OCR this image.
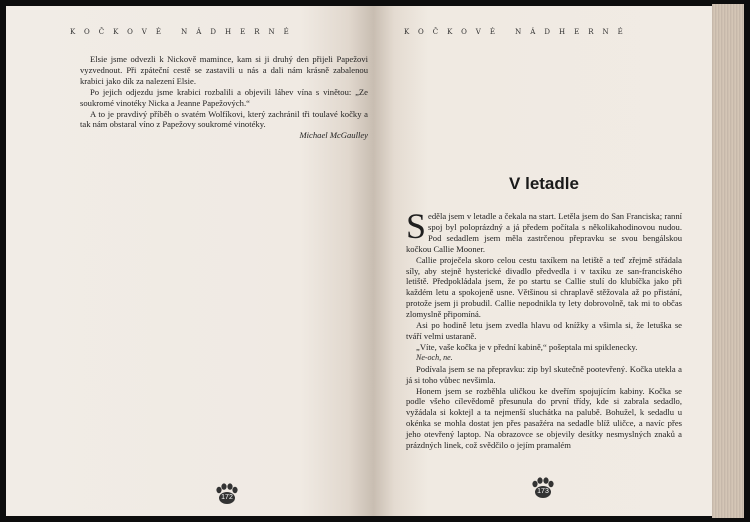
KOČKOVÉ NÁDHERNÉ

Elsie jsme odvezli k Nickově mamince, kam si ji druhý den přijeli Papežovi vyzvednout. Při zpáteční cestě se zastavili u nás a dali nám krásně zabalenou krabici jako dík za nalezení Elsie.

Po jejich odjezdu jsme krabici rozbalili a objevili láhev vína s vinětou: „Ze soukromé vinotéky Nicka a Jeanne Papežových.“

A to je pravdivý příběh o svatém Wolfíkovi, který zachránil tři toulavé kočky a tak nám obstaral víno z Papežovy soukromé vinotéky.

Michael McGaulley
172
KOČKOVÉ NÁDHERNÉ
V letadle

Seděla jsem v letadle a čekala na start. Letěla jsem do San Franciska; ranní spoj byl poloprázdný a já předem počítala s několikahodinovou nudou. Pod sedadlem jsem měla zastrčenou přepravku se svou bengálskou kočkou Callie Mooner.

Callie proječela skoro celou cestu taxíkem na letiště a teď zřejmě střádala síly, aby stejně hysterické divadlo předvedla i v taxíku ze san-franciského letiště. Předpokládala jsem, že po startu se Callie stulí do klubíčka jako při každém letu a spokojeně usne. Většinou si chraplavě stěžovala až po přistání, protože jsem ji probudil. Callie nepodnikla ty lety dobrovolně, tak mi to občas zlomyslně připomíná.

Asi po hodině letu jsem zvedla hlavu od knížky a všimla si, že letuška se tváří velmi ustaraně.

„Víte, vaše kočka je v přední kabině,“ pošeptala mi spiklenecky.

Ne-och, ne.

Podívala jsem se na přepravku: zip byl skutečně pootevřený. Kočka utekla a já si toho vůbec nevšimla.

Honem jsem se rozběhla uličkou ke dveřím spojujícím kabiny. Kočka se podle všeho cílevědomě přesunula do první třídy, kde si zabrala sedadlo, vyžádala si koktejl a ta nejmenší sluchátka na palubě. Bohužel, k sedadlu u okénka se mohla dostat jen přes pasažéra na sedadle blíž uličce, a navíc přes jeho otevřený laptop. Na obrazovce se objevily desítky nesmyslných znaků a prázdných linek, což svědčilo o jejím pramalém

173
